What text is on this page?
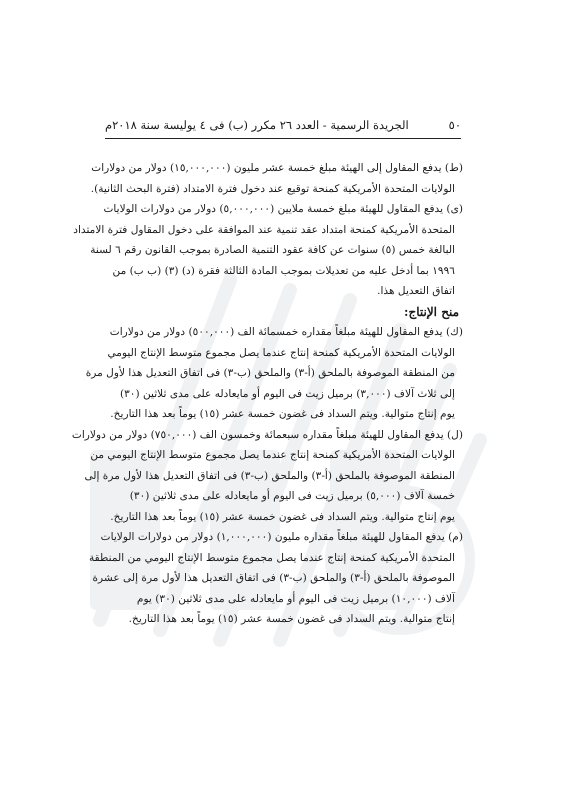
٥٠
الجريدة الرسمية - العدد ٢٦ مكرر (ب) فى ٤ يوليسة سنة ٢٠١٨م
(ط) يدفع المقاول إلى الهيئة مبلغ خمسة عشر مليون (١٥,٠٠٠,٠٠٠) دولار من دولارات
الولايات المتحدة الأمريكية كمنحة توقيع عند دخول فترة الامتداد (فترة البحث الثانية).
(ى) يدفع المقاول للهيئة مبلغ خمسة ملايين (٥,٠٠٠,٠٠٠) دولار من دولارات الولايات
المتحدة الأمريكية كمنحة امتداد عقد تنمية عند الموافقة على دخول المقاول فترة الامتداد
البالغة خمس (٥) سنوات عن كافة عقود التنمية الصادرة بموجب القانون رقم ٦ لسنة
١٩٩٦ بما أدخل عليه من تعديلات بموجب المادة الثالثة فقرة (د) (٣) (ب ب) من
اتفاق التعديل هذا.

منح الإنتاج:

(ك) يدفع المقاول للهيئة مبلغاً مقداره خمسمائة الف (٥٠٠,٠٠٠) دولار من دولارات
الولايات المتحدة الأمريكية كمنحة إنتاج عندما يصل مجموع متوسط الإنتاج اليومي
من المنطقة الموصوفة بالملحق (أ-٣) والملحق (ب-٣) فى اتفاق التعديل هذا لأول مرة
إلى ثلاث آلاف (٣,٠٠٠) برميل زيت فى اليوم أو مايعادله على مدى ثلاثين (٣٠)
يوم إنتاج متوالية. ويتم السداد فى غضون خمسة عشر (١٥) يوماً بعد هذا التاريخ.
(ل) يدفع المقاول للهيئة مبلغاً مقداره سبعمائة وخمسون الف (٧٥٠,٠٠٠) دولار من دولارات
الولايات المتحدة الأمريكية كمنحة إنتاج عندما يصل مجموع متوسط الإنتاج اليومي من
المنطقة الموصوفة بالملحق (أ-٣) والملحق (ب-٣) فى اتفاق التعديل هذا لأول مرة إلى
خمسة آلاف (٥,٠٠٠) برميل زيت فى اليوم أو مايعادله على مدى ثلاثين (٣٠)
يوم إنتاج متوالية. ويتم السداد فى غضون خمسة عشر (١٥) يوماً بعد هذا التاريخ.
(م) يدفع المقاول للهيئة مبلغاً مقداره مليون (١,٠٠٠,٠٠٠) دولار من دولارات الولايات
المتحدة الأمريكية كمنحة إنتاج عندما يصل مجموع متوسط الإنتاج اليومي من المنطقة
الموصوفة بالملحق (أ-٣) والملحق (ب-٣) فى اتفاق التعديل هذا لأول مرة إلى عشرة
آلاف (١٠,٠٠٠) برميل زيت فى اليوم أو مايعادله على مدى ثلاثين (٣٠) يوم
إنتاج متوالية. ويتم السداد فى غضون خمسة عشر (١٥) يوماً بعد هذا التاريخ.
